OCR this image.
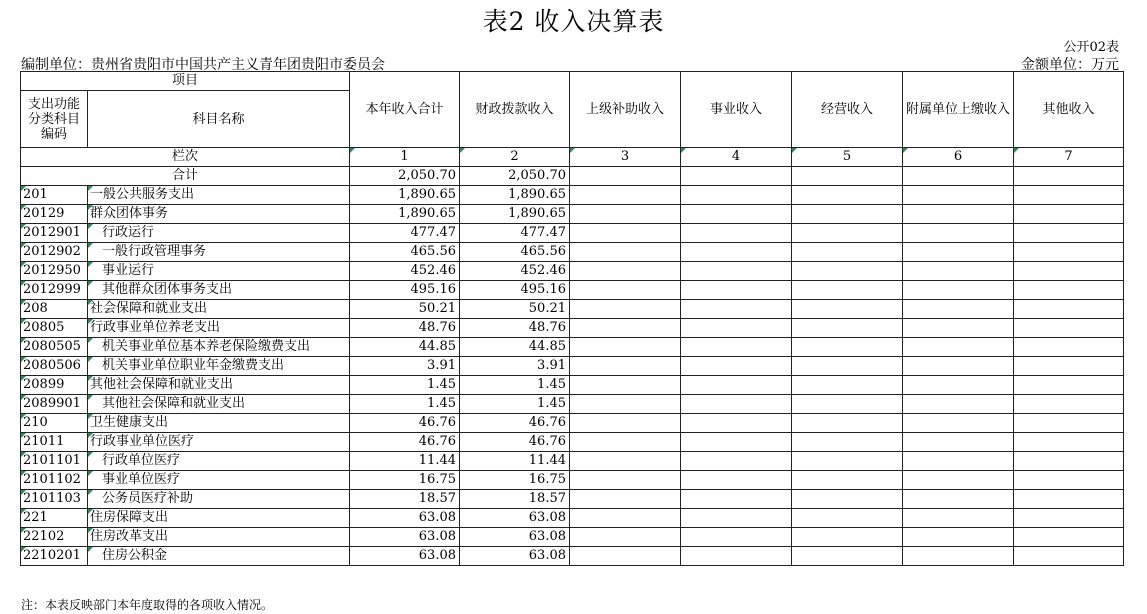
表2 收入决算表
公开02表
编制单位：贵州省贵阳市中国共产主义青年团贵阳市委员会	金额单位：万元
项目		本年收入合计	财政拨款收入	上级补助收入	事业收入	经营收入	附属单位上缴收入	其他收入
支出功能分类科目编码	科目名称							
栏次		1	2	3	4	5	6	7
合计		2,050.70	2,050.70					
201	一般公共服务支出	1,890.65	1,890.65					
20129	群众团体事务	1,890.65	1,890.65					
2012901	行政运行	477.47	477.47					
2012902	一般行政管理事务	465.56	465.56					
2012950	事业运行	452.46	452.46					
2012999	其他群众团体事务支出	495.16	495.16					
208	社会保障和就业支出	50.21	50.21					
20805	行政事业单位养老支出	48.76	48.76					
2080505	机关事业单位基本养老保险缴费支出	44.85	44.85					
2080506	机关事业单位职业年金缴费支出	3.91	3.91					
20899	其他社会保障和就业支出	1.45	1.45					
2089901	其他社会保障和就业支出	1.45	1.45					
210	卫生健康支出	46.76	46.76					
21011	行政事业单位医疗	46.76	46.76					
2101101	行政单位医疗	11.44	11.44					
2101102	事业单位医疗	16.75	16.75					
2101103	公务员医疗补助	18.57	18.57					
221	住房保障支出	63.08	63.08					
22102	住房改革支出	63.08	63.08					
2210201	住房公积金	63.08	63.08					
注：本表反映部门本年度取得的各项收入情况。
